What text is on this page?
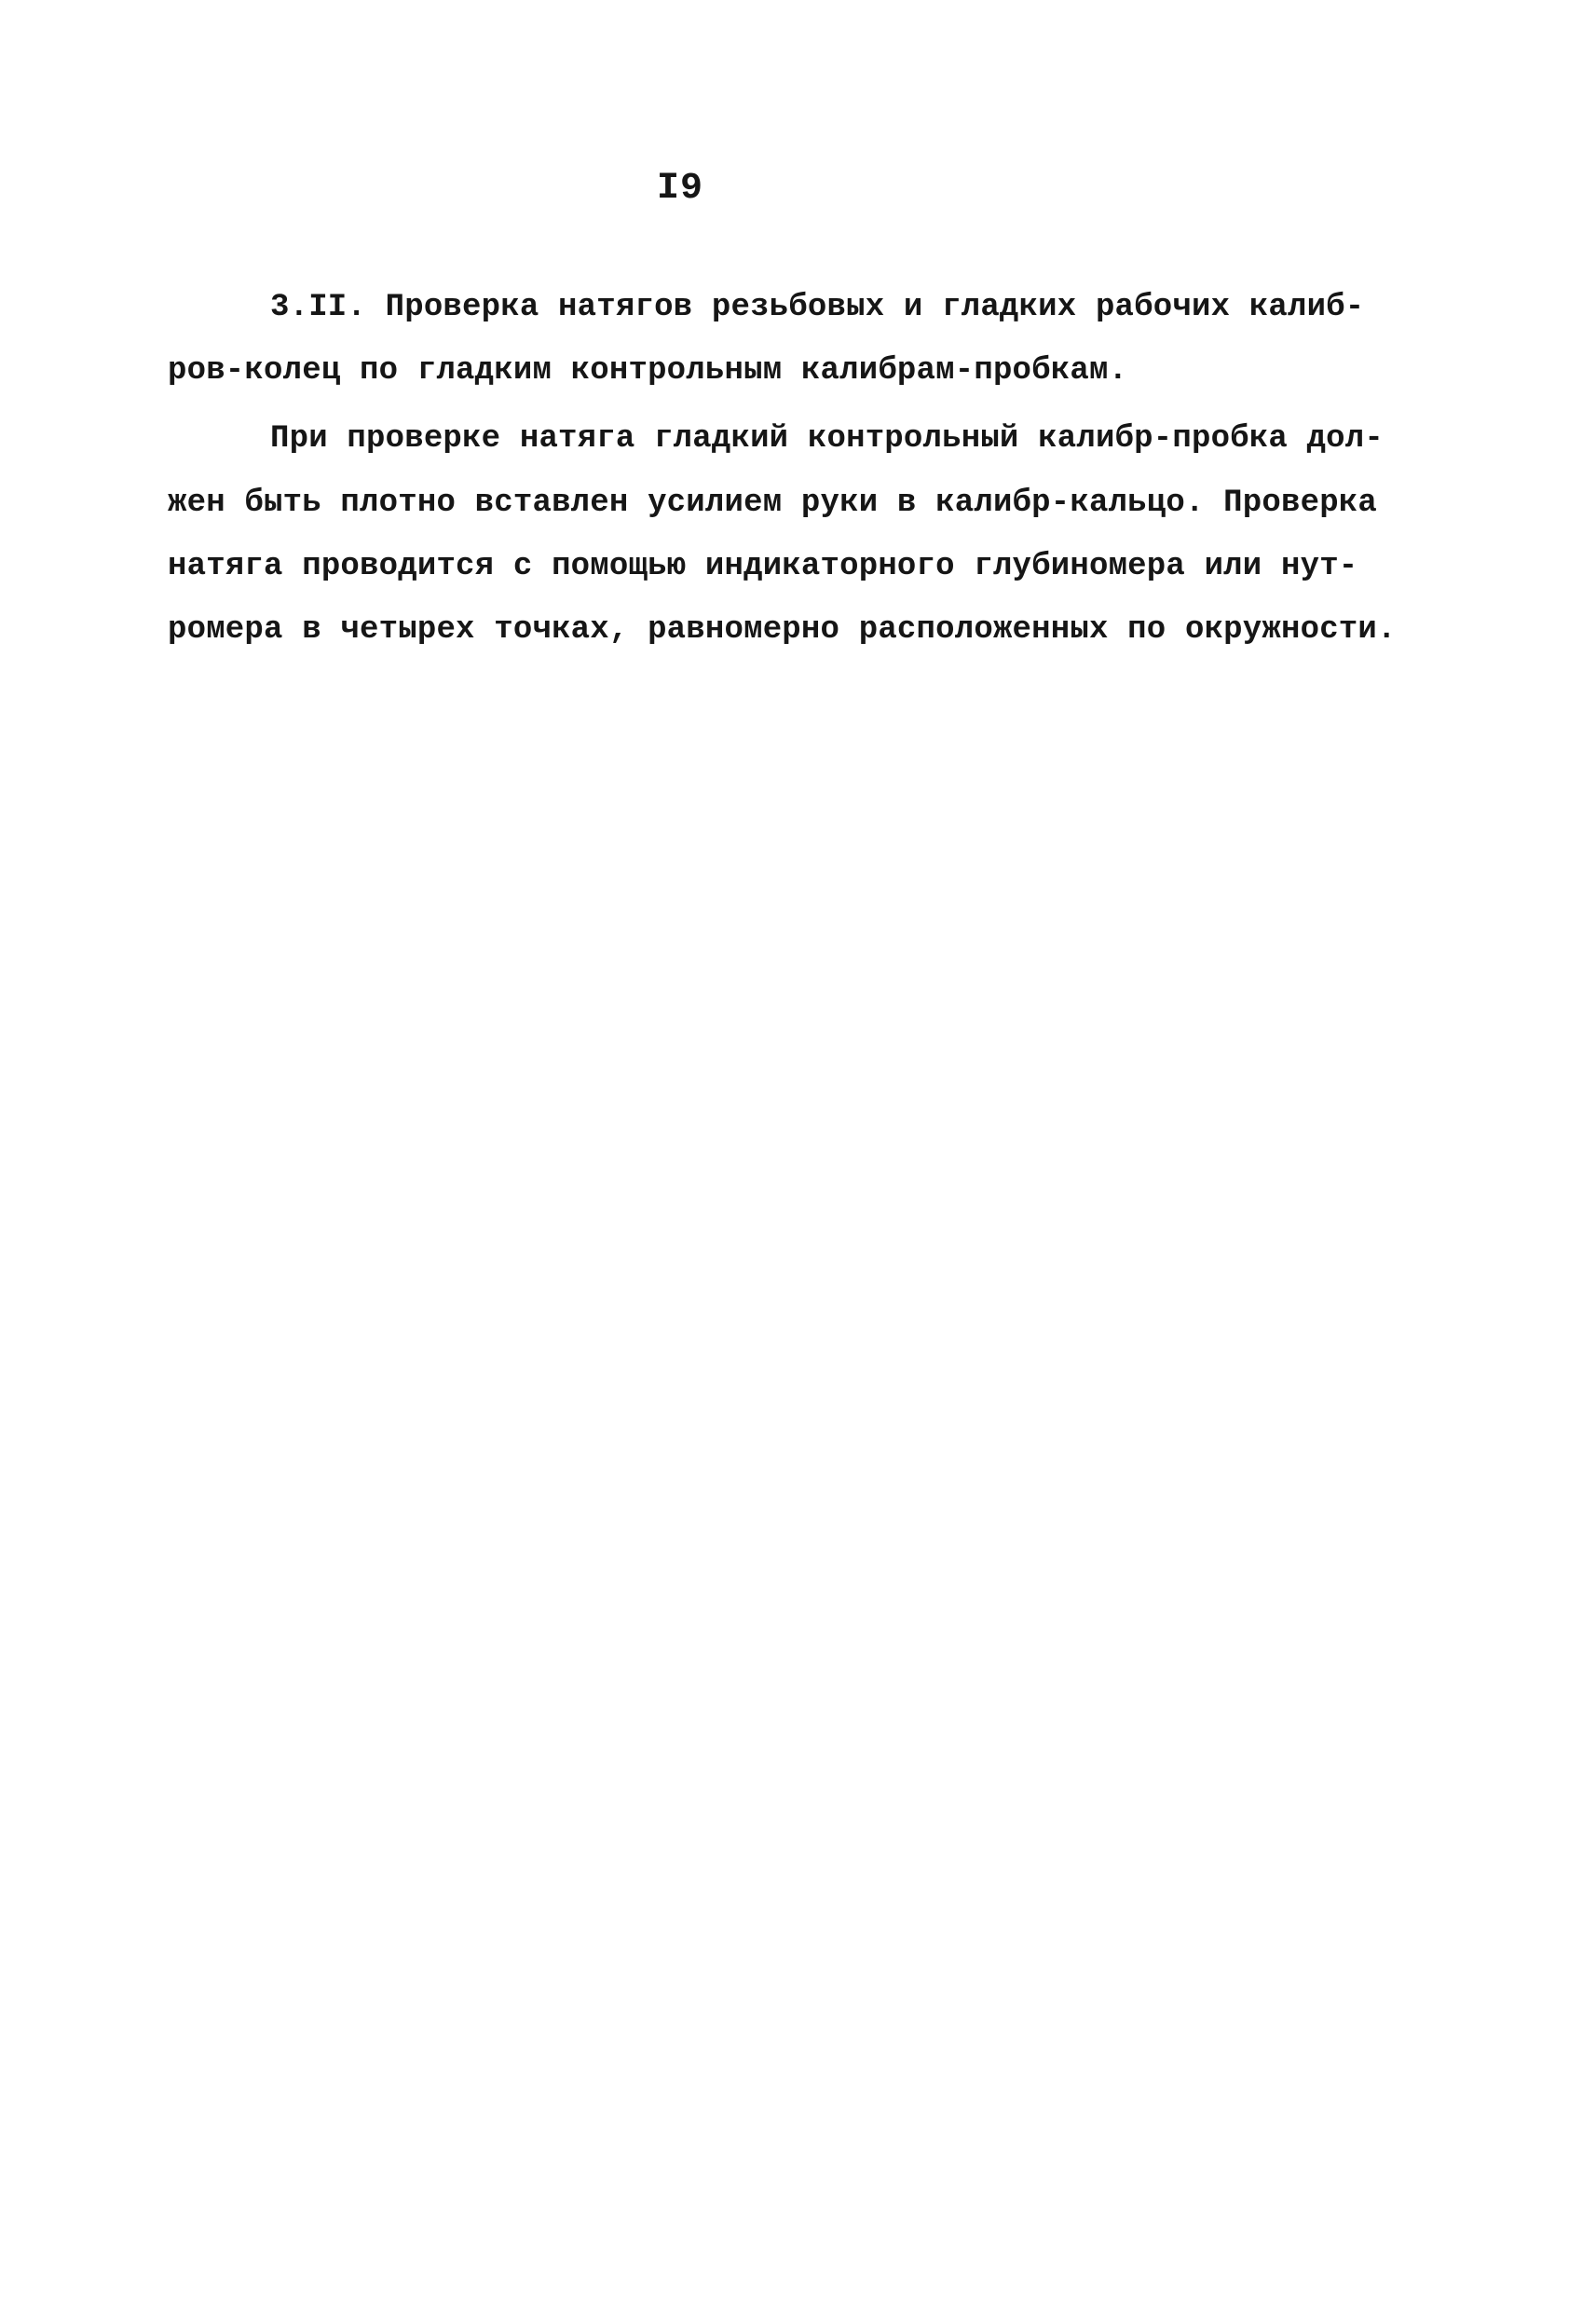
I9
3.II. Проверкa натягов резьбовых и гладких рабочих калиб-
ров-колец по гладким контрольным калибрам-пробкам.
При проверке натяга гладкий контрольный калибр-пробка дол-
жен быть плотно вставлен усилием руки в калибр-кальцо. Проверка
натяга проводится с помощью индикаторного глубиномера или нут-
ромера в четырех точках, равномерно расположенных по окружности.
